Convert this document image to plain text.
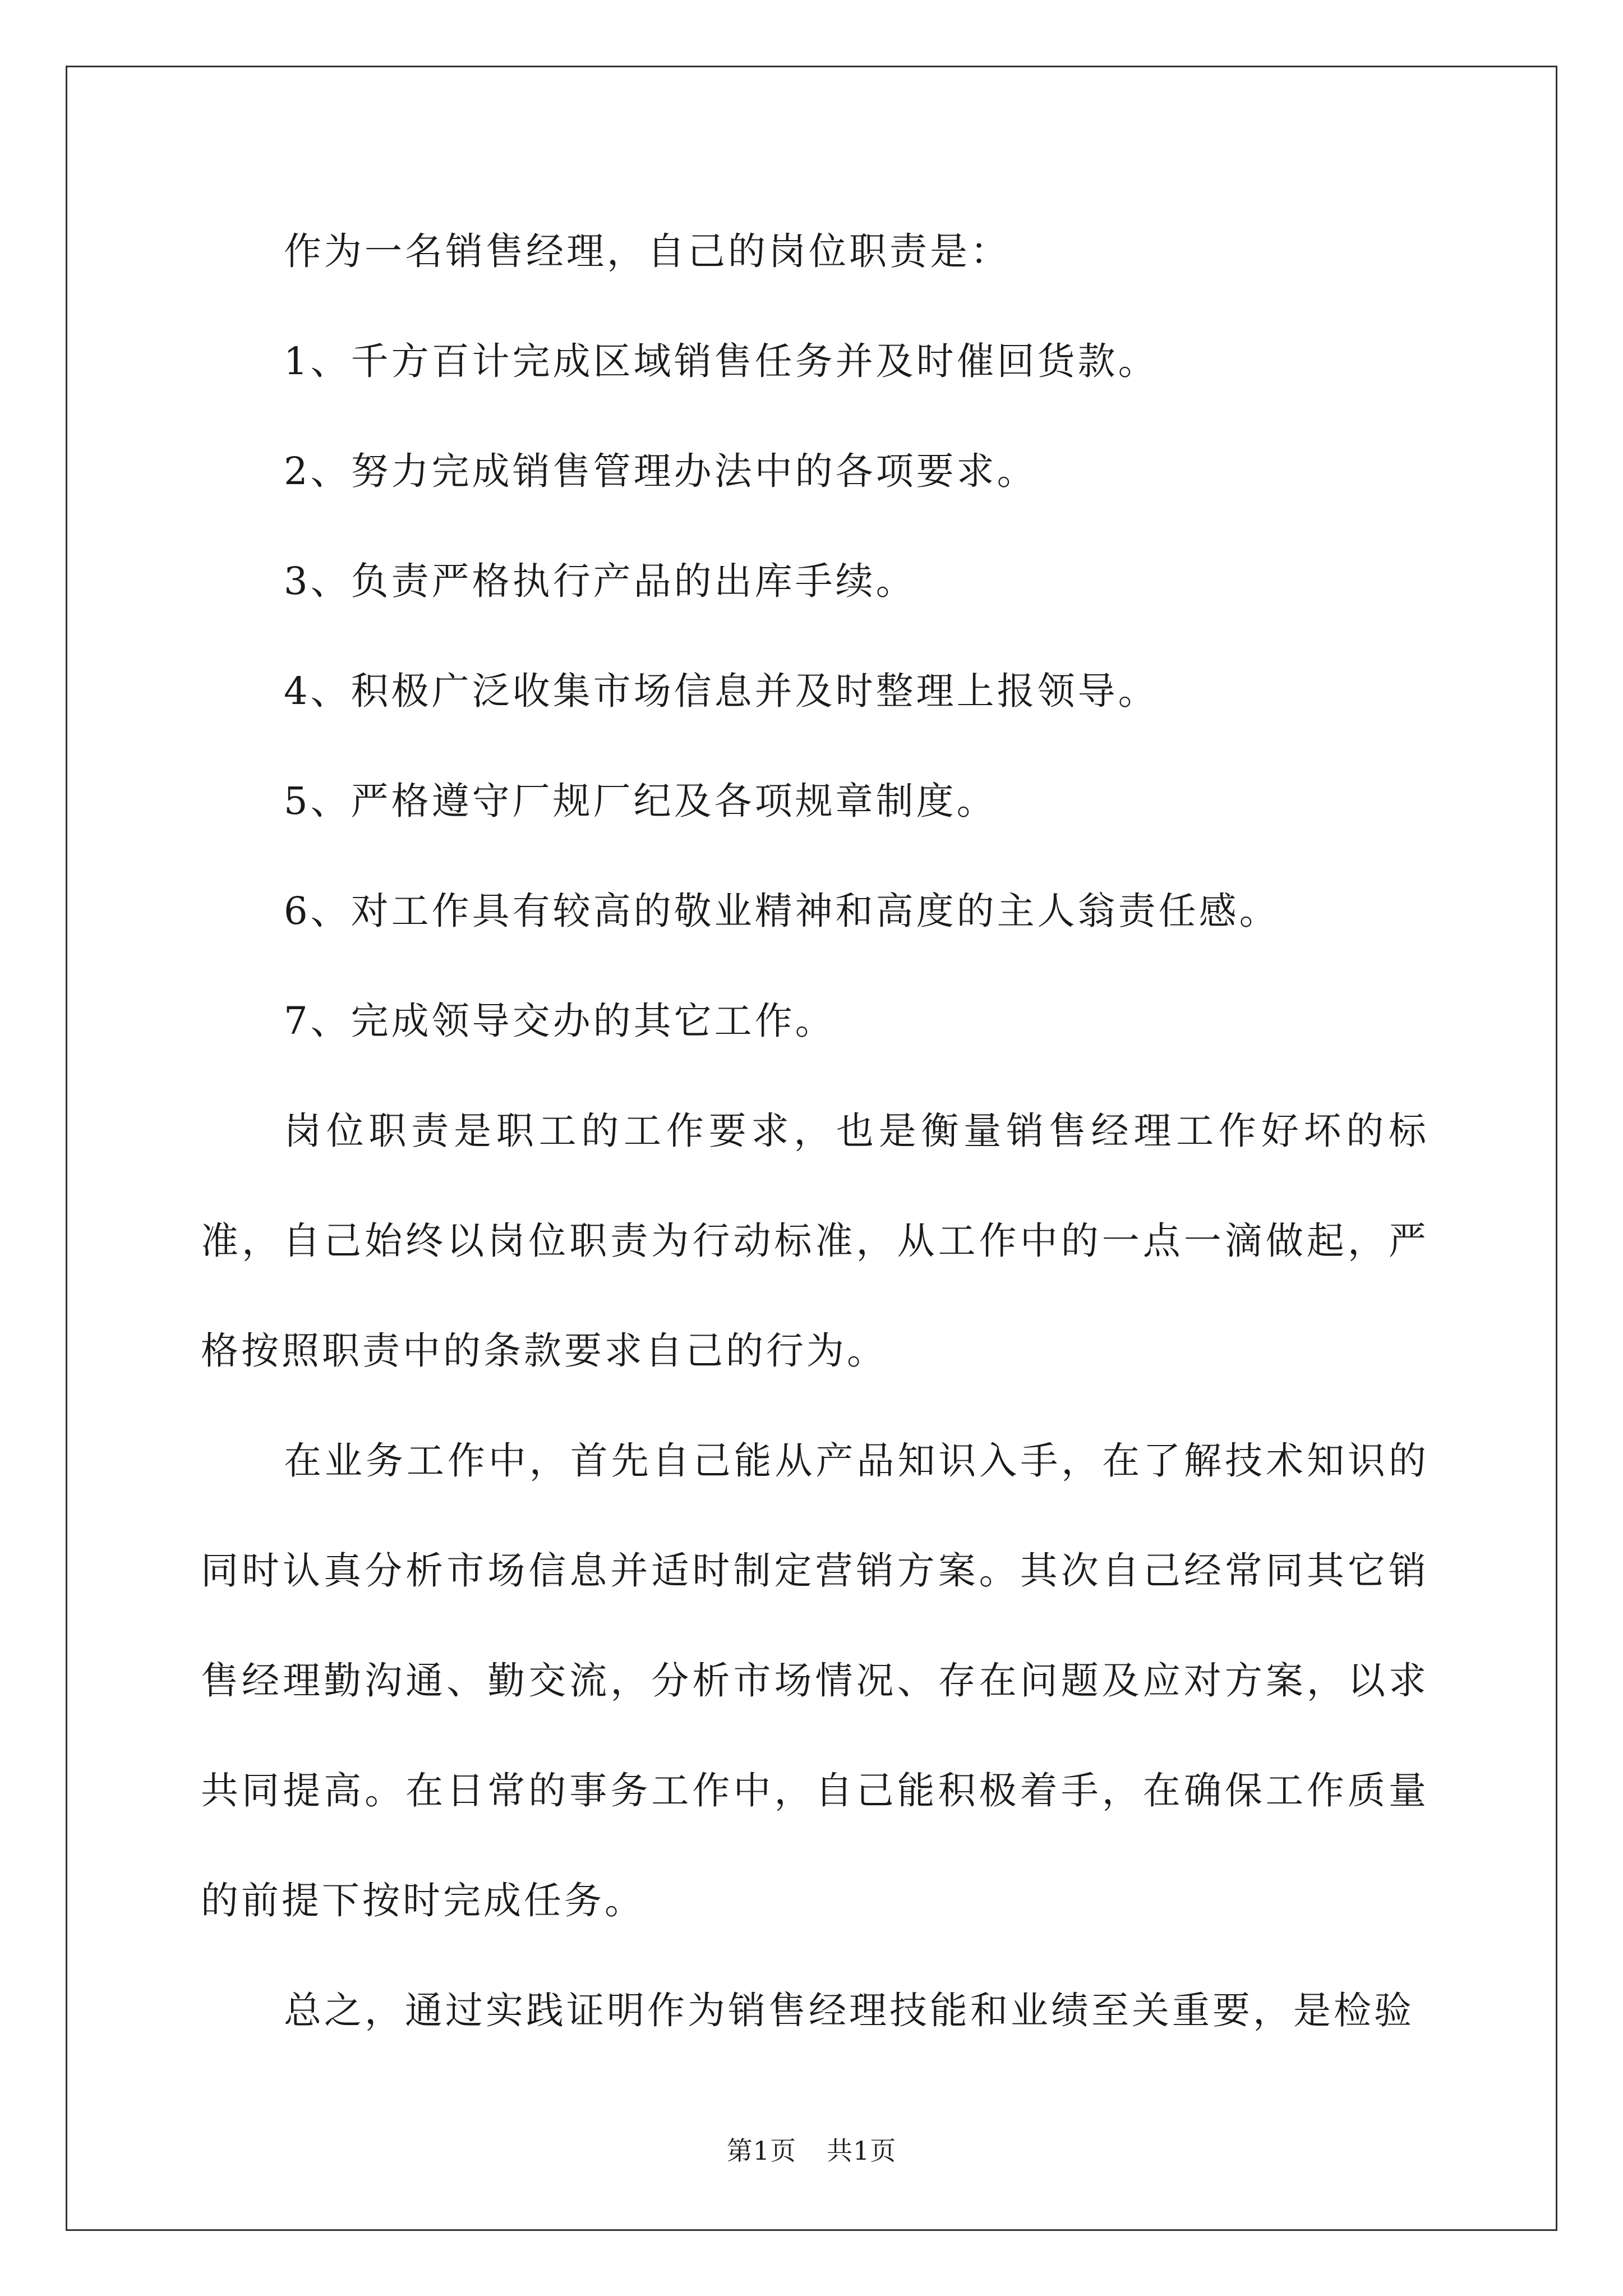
作为一名销售经理，自己的岗位职责是：

1、千方百计完成区域销售任务并及时催回货款。

2、努力完成销售管理办法中的各项要求。

3、负责严格执行产品的出库手续。

4、积极广泛收集市场信息并及时整理上报领导。

5、严格遵守厂规厂纪及各项规章制度。

6、对工作具有较高的敬业精神和高度的主人翁责任感。

7、完成领导交办的其它工作。

岗位职责是职工的工作要求，也是衡量销售经理工作好坏的标准，自己始终以岗位职责为行动标准，从工作中的一点一滴做起，严格按照职责中的条款要求自己的行为。

在业务工作中，首先自己能从产品知识入手，在了解技术知识的同时认真分析市场信息并适时制定营销方案。其次自己经常同其它销售经理勤沟通、勤交流，分析市场情况、存在问题及应对方案，以求共同提高。在日常的事务工作中，自己能积极着手，在确保工作质量的前提下按时完成任务。

总之，通过实践证明作为销售经理技能和业绩至关重要，是检验

第1页 共1页
